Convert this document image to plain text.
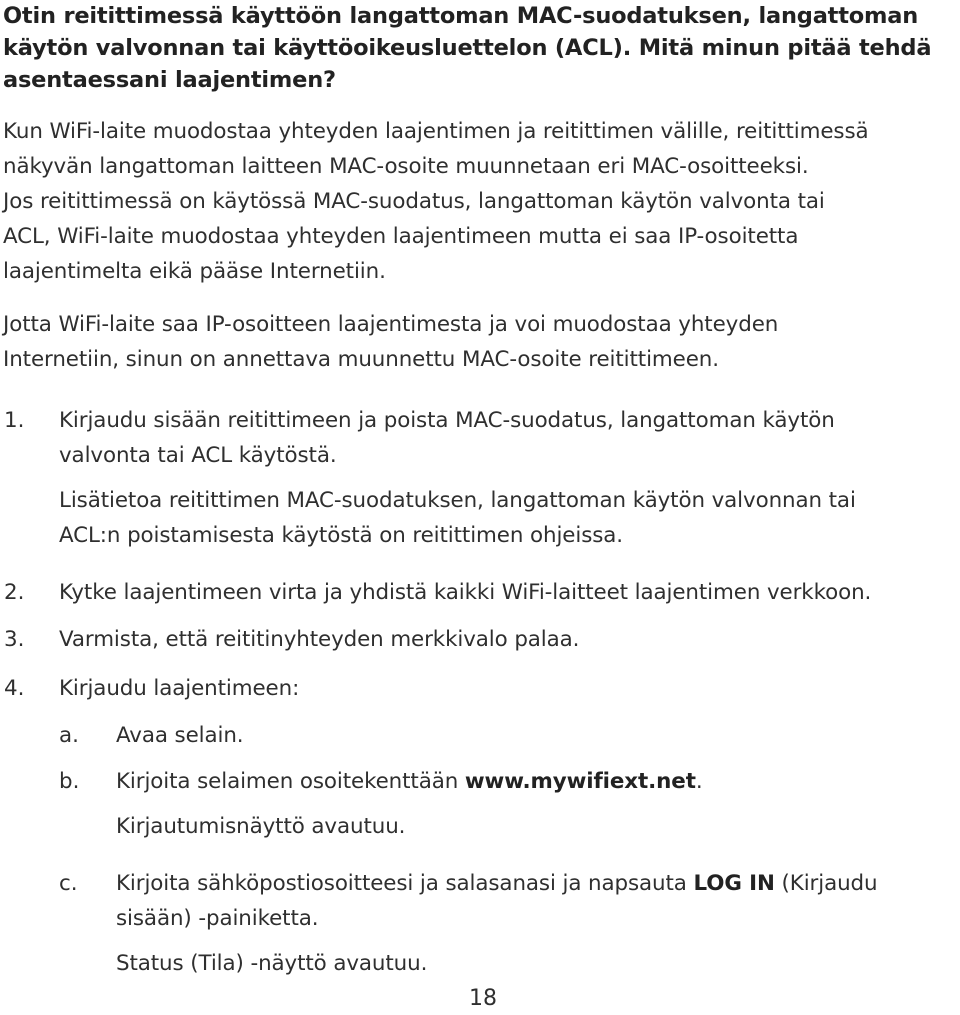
Otin reitittimessä käyttöön langattoman MAC-suodatuksen, langattoman
käytön valvonnan tai käyttöoikeusluettelon (ACL). Mitä minun pitää tehdä
asentaessani laajentimen?
Kun WiFi-laite muodostaa yhteyden laajentimen ja reitittimen välille, reitittimessä
näkyvän langattoman laitteen MAC-osoite muunnetaan eri MAC-osoitteeksi.
Jos reitittimessä on käytössä MAC-suodatus, langattoman käytön valvonta tai
ACL, WiFi-laite muodostaa yhteyden laajentimeen mutta ei saa IP-osoitetta
laajentimelta eikä pääse Internetiin.
Jotta WiFi-laite saa IP-osoitteen laajentimesta ja voi muodostaa yhteyden
Internetiin, sinun on annettava muunnettu MAC-osoite reitittimeen.
1. Kirjaudu sisään reitittimeen ja poista MAC-suodatus, langattoman käytön
valvonta tai ACL käytöstä.
Lisätietoa reitittimen MAC-suodatuksen, langattoman käytön valvonnan tai
ACL:n poistamisesta käytöstä on reitittimen ohjeissa.
2. Kytke laajentimeen virta ja yhdistä kaikki WiFi-laitteet laajentimen verkkoon.
3. Varmista, että reititinyhteyden merkkivalo palaa.
4. Kirjaudu laajentimeen:
a. Avaa selain.
b. Kirjoita selaimen osoitekenttään www.mywifiext.net.
Kirjautumisnäyttö avautuu.
c. Kirjoita sähköpostiosoitteesi ja salasanasi ja napsauta LOG IN (Kirjaudu
sisään) -painiketta.
Status (Tila) -näyttö avautuu.
18
